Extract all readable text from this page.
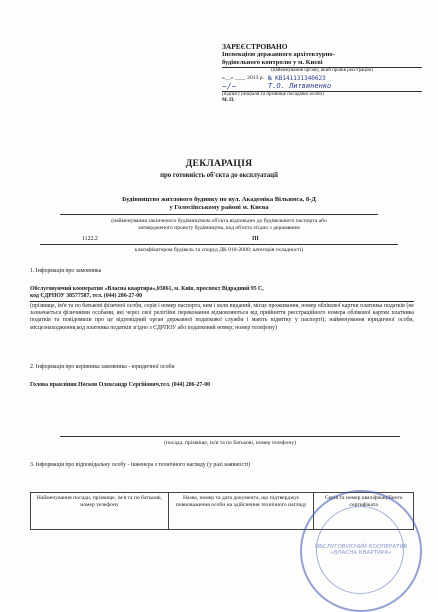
ЗАРЕЄСТРОВАНО
Інспекцією державного архітектурно-
будівельного контролю у м. Києві
(найменування органу, який провів реєстрацію)
«__» ____ 2013 р. № КВ141131340623
~/~	Т.О. Литвиненко
(підпис) (ініціали та прізвище посадової особи)
М. П.
ДЕКЛАРАЦІЯ
про готовність об'єкта до експлуатації
Будівництво житлового будинку по вул. Академіка Вільямса, 8-Д
у Голосіївському районі м. Києва
(найменування закінченого будівництвом об'єкта відповідно до будівельного паспорта або
затвердженого проекту будівництва, код об'єкта згідно з державним
1122.2	III
класифікатором будівель та споруд ДК 018-2000; категорія складності)
1. Інформація про замовника
Обслуговуючий кооператив «Власна квартира»,03061, м. Київ, проспект Відрадний 95 С,
код ЄДРПОУ 38577587, тел. (044) 206-27-00
(прізвище, ім'я та по батькові фізичної особи, серія і номер паспорта, ким і коли виданий, місце проживання, номер облікової картки платника податків (не зазначається фізичними особами, які через свої релігійні переконання відмовляються від прийняття реєстраційного номера облікової картки платника податків та повідомили про це відповідний орган державної податкової служби і мають відмітку у паспорті); найменування юридичної особи, місцезнаходження,код платника податків згідно з ЄДРПОУ або податковий номер; номер телефону)
2. Інформація про керівника замовника - юридичної особи
Голова правління Носков Олександр Сергійович,тел. (044) 206-27-00
(посада, прізвище, ім'я та по батькові, номер телефону)
3. Інформація про відповідальну особу - інженера з технічного нагляду (у разі наявності)
Найменування посади, прізвище, ім'я та по батькові, номер телефону	Назва, номер та дата документа, що підтверджує повноваження особи на здійснення технічного нагляду	Серія та номер кваліфікаційного сертифіката
ОБСЛУГОВУЮЧИЙ КООПЕРАТИВ «ВЛАСНА КВАРТИРА»
